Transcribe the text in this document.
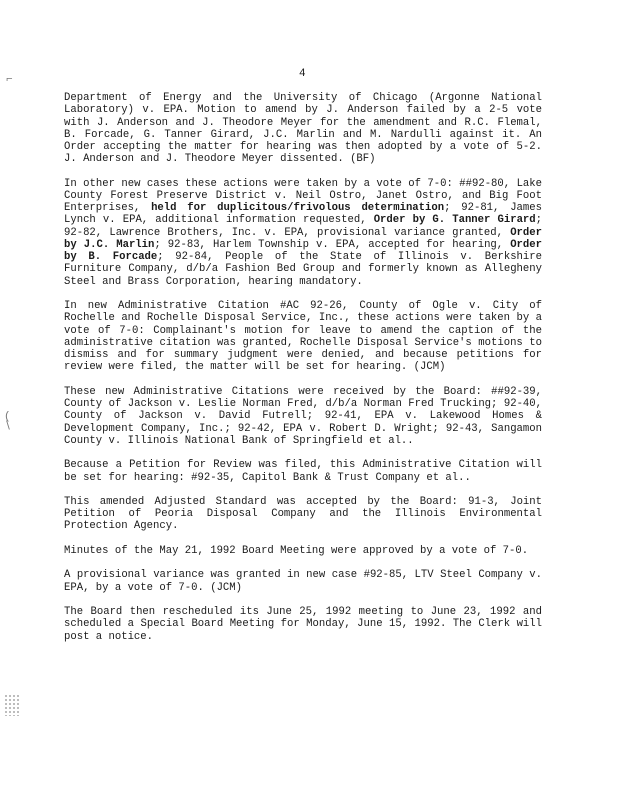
⌐
(
∖
4

Department of Energy and the University of Chicago (Argonne National Laboratory) v. EPA. Motion to amend by J. Anderson failed by a 2-5 vote with J. Anderson and J. Theodore Meyer for the amendment and R.C. Flemal, B. Forcade, G. Tanner Girard, J.C. Marlin and M. Nardulli against it. An Order accepting the matter for hearing was then adopted by a vote of 5-2. J. Anderson and J. Theodore Meyer dissented. (BF)

In other new cases these actions were taken by a vote of 7-0: ##92-80, Lake County Forest Preserve District v. Neil Ostro, Janet Ostro, and Big Foot Enterprises, held for duplicitous/frivolous determination; 92-81, James Lynch v. EPA, additional information requested, Order by G. Tanner Girard; 92-82, Lawrence Brothers, Inc. v. EPA, provisional variance granted, Order by J.C. Marlin; 92-83, Harlem Township v. EPA, accepted for hearing, Order by B. Forcade; 92-84, People of the State of Illinois v. Berkshire Furniture Company, d/b/a Fashion Bed Group and formerly known as Allegheny Steel and Brass Corporation, hearing mandatory.

In new Administrative Citation #AC 92-26, County of Ogle v. City of Rochelle and Rochelle Disposal Service, Inc., these actions were taken by a vote of 7-0: Complainant's motion for leave to amend the caption of the administrative citation was granted, Rochelle Disposal Service's motions to dismiss and for summary judgment were denied, and because petitions for review were filed, the matter will be set for hearing. (JCM)

These new Administrative Citations were received by the Board: ##92-39, County of Jackson v. Leslie Norman Fred, d/b/a Norman Fred Trucking; 92-40, County of Jackson v. David Futrell; 92-41, EPA v. Lakewood Homes & Development Company, Inc.; 92-42, EPA v. Robert D. Wright; 92-43, Sangamon County v. Illinois National Bank of Springfield et al..

Because a Petition for Review was filed, this Administrative Citation will be set for hearing: #92-35, Capitol Bank & Trust Company et al..

This amended Adjusted Standard was accepted by the Board: 91-3, Joint Petition of Peoria Disposal Company and the Illinois Environmental Protection Agency.

Minutes of the May 21, 1992 Board Meeting were approved by a vote of 7-0.

A provisional variance was granted in new case #92-85, LTV Steel Company v. EPA, by a vote of 7-0. (JCM)

The Board then rescheduled its June 25, 1992 meeting to June 23, 1992 and scheduled a Special Board Meeting for Monday, June 15, 1992. The Clerk will post a notice.
